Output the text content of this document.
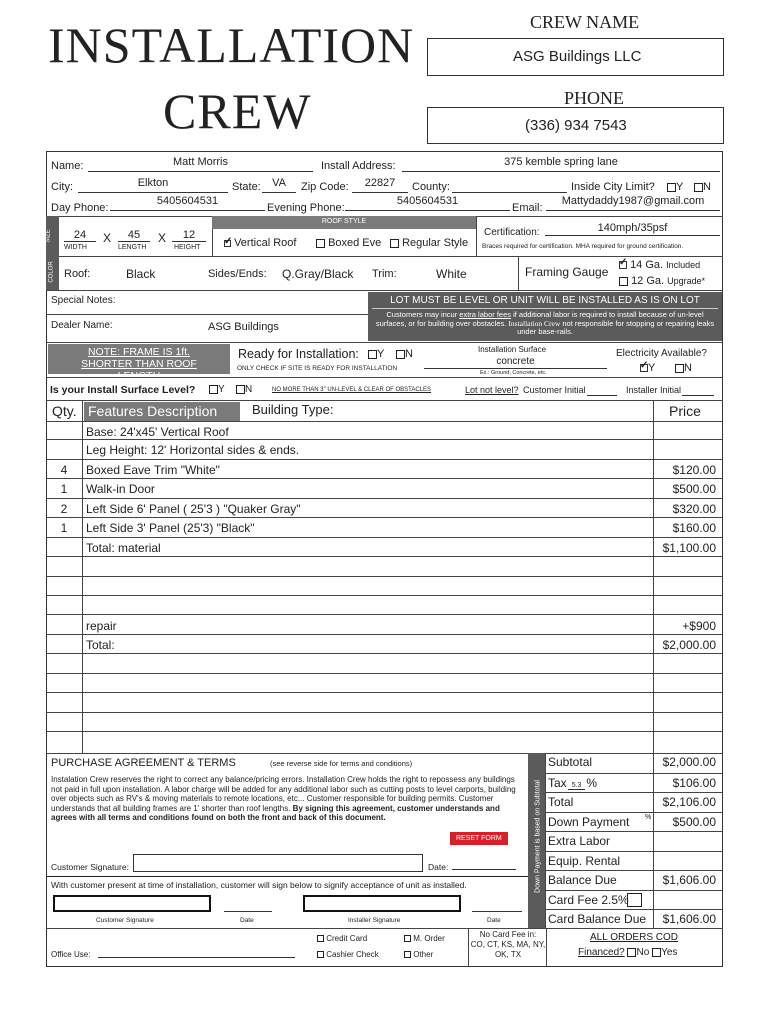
INSTALLATION
CREW
CREW NAME
ASG Buildings LLC
PHONE
(336) 934 7543
Name:	Matt Morris	Install Address:	375 kemble spring lane
City:	Elkton	State:	VA	Zip Code:	22827	County:	Inside City Limit?	Y	N
Day Phone:
5405604531
Evening Phone:
5405604531
Email:
Mattydaddy1987@gmail.com
SIZE	24	X	45	X	12
WIDTH	LENGTH	HEIGHT
ROOF STYLE
✓ Vertical Roof	Boxed Eve	Regular Style
Certification:	140mph/35psf
Braces required for certification. MHA required for ground certification.
COLOR Roof:	Black	Sides/Ends: Q.Gray/Black Trim:	White	Framing Gauge
✓	14 Ga. Included
12 Ga. Upgrade*
Special Notes:
Dealer Name:	ASG Buildings
LOT MUST BE LEVEL OR UNIT WILL BE INSTALLED AS IS ON LOT
Customers may incur extra labor fees if additional labor is required to install because of un-level surfaces, or for building over obstacles. Installation Crew not responsible for stopping or repairing leaks under base-rails.
NOTE: FRAME IS 1ft. SHORTER THAN ROOF LENGTH
Ready for Installation:	Y	N
ONLY CHECK IF SITE IS READY FOR INSTALLATION
Installation Surface
concrete
Ex.: Ground, Concrete, etc.
Electricity Available?
✓Y	N
Is your Install Surface Level?	Y	N	NO MORE THAN 3" UN-LEVEL & CLEAR OF OBSTACLES	Lot not level? Customer Initial	Installer Initial
Qty. Features Description	Building Type:	Price
Base: 24'x45' Vertical Roof
Leg Height: 12' Horizontal sides & ends.
4	Boxed Eave Trim "White"	$120.00
1	Walk-in Door	$500.00
2	Left Side 6' Panel ( 25'3 ) "Quaker Gray"	$320.00
1	Left Side 3' Panel (25'3) "Black"	$160.00
Total: material	$1,100.00
repair	+$900
Total:	$2,000.00
PURCHASE AGREEMENT & TERMS	(see reverse side for terms and conditions)
Instalation Crew reserves the right to correct any balance/pricing errors. Installation Crew holds the right to repossess any buildings not paid in full upon installation. A labor charge will be added for any additional labor such as cutting posts to level carports, building over objects such as RV's & moving materials to remote locations, etc... Customer responsible for building permits. Customer understands that all building frames are 1' shorter than roof lengths. By signing this agreement, customer understands and agrees with all terms and conditions found on both the front and back of this document.
RESET FORM
Customer Signature:	Date:
With customer present at time of installation, customer will sign below to signify acceptance of unit as installed.
Customer Signature	Date	Installer Signature	Date
Down Payment is based on Subtotal
Subtotal	$2,000.00
Tax 5.3 %	$106.00
Total	$2,106.00
Down Payment % $500.00
Extra Labor
Equip. Rental
Balance Due	$1,606.00
Card Fee 2.5%
Card Balance Due $1,606.00
Office Use:
Credit Card	M. Order
Cashier Check	Other
No Card Fee in:
CO, CT, KS, MA, NY, OK, TX
ALL ORDERS COD
Financed? No Yes
